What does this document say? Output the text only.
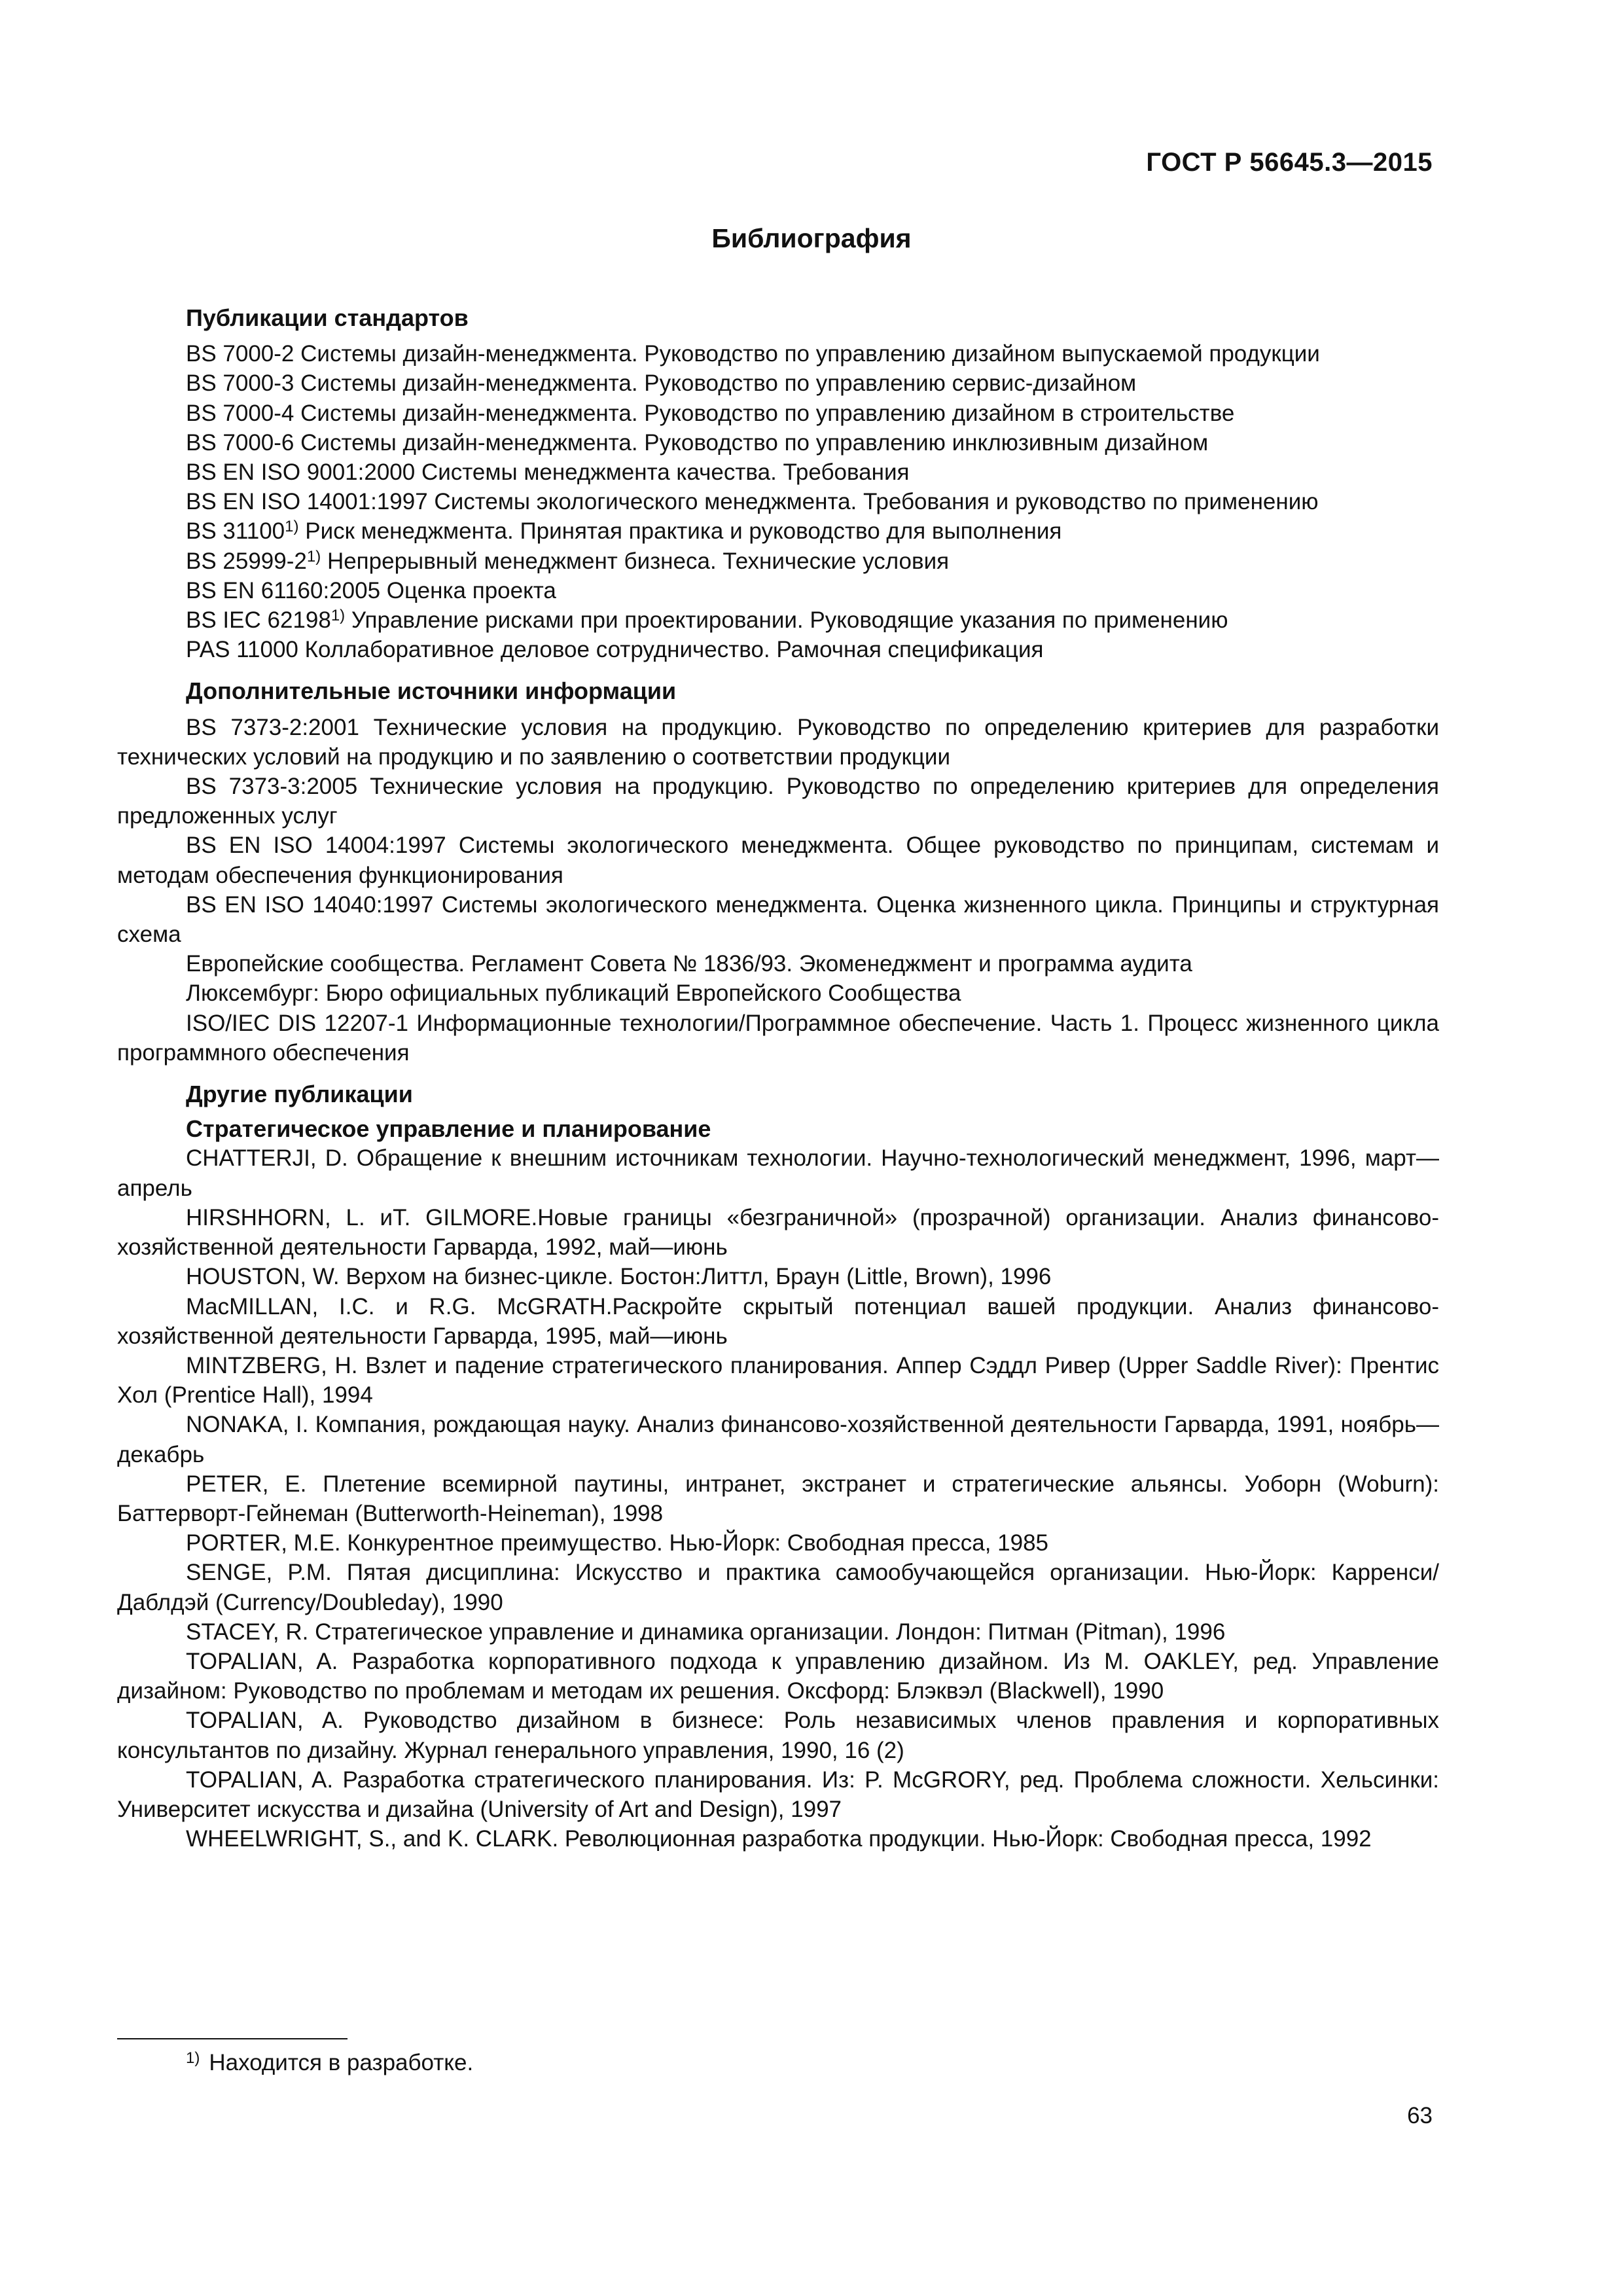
ГОСТ Р 56645.3—2015
Библиография
Публикации стандартов
BS 7000-2 Системы дизайн-менеджмента. Руководство по управлению дизайном выпускаемой продукции
BS 7000-3 Системы дизайн-менеджмента. Руководство по управлению сервис-дизайном
BS 7000-4 Системы дизайн-менеджмента. Руководство по управлению дизайном в строительстве
BS 7000-6 Системы дизайн-менеджмента. Руководство по управлению инклюзивным дизайном
BS EN ISO 9001:2000 Системы менеджмента качества. Требования
BS EN ISO 14001:1997 Системы экологического менеджмента. Требования и руководство по применению
BS 31100$^{1)}$ Риск менеджмента. Принятая практика и руководство для выполнения
BS 25999-2$^{1)}$ Непрерывный менеджмент бизнеса. Технические условия
BS EN 61160:2005 Оценка проекта
BS IEC 62198$^{1)}$ Управление рисками при проектировании. Руководящие указания по применению
PAS 11000 Коллаборативное деловое сотрудничество. Рамочная спецификация
Дополнительные источники информации

BS 7373-2:2001 Технические условия на продукцию. Руководство по определению критериев для разработки технических условий на продукцию и по заявлению о соответствии продукции

BS 7373-3:2005 Технические условия на продукцию. Руководство по определению критериев для определения предложенных услуг

BS EN ISO 14004:1997 Системы экологического менеджмента. Общее руководство по принципам, системам и методам обеспечения функционирования

BS EN ISO 14040:1997 Системы экологического менеджмента. Оценка жизненного цикла. Принципы и структурная схема

Европейские сообщества. Регламент Совета № 1836/93. Экоменеджмент и программа аудита

Люксембург: Бюро официальных публикаций Европейского Сообщества

ISO/IEC DIS 12207-1 Информационные технологии/Программное обеспечение. Часть 1. Процесс жизненного цикла программного обеспечения

Другие публикации
Стратегическое управление и планирование

CHATTERJI, D. Обращение к внешним источникам технологии. Научно-технологический менеджмент, 1996, март—апрель

HIRSHHORN, L. иT. GILMORE.Новые границы «безграничной» (прозрачной) организации. Анализ финансово-хозяйственной деятельности Гарварда, 1992, май—июнь

HOUSTON, W. Верхом на бизнес-цикле. Бостон:Литтл, Браун (Little, Brown), 1996

MacMILLAN, I.C. и R.G. McGRATH.Раскройте скрытый потенциал вашей продукции. Анализ финансово-хозяйственной деятельности Гарварда, 1995, май—июнь

MINTZBERG, H. Взлет и падение стратегического планирования. Аппер Сэддл Ривер (Upper Saddle River): Прентис Хол (Prentice Hall), 1994

NONAKA, I. Компания, рождающая науку. Анализ финансово-хозяйственной деятельности Гарварда, 1991, ноябрь—декабрь

PETER, E. Плетение всемирной паутины, интранет, экстранет и стратегические альянсы. Уоборн (Woburn): Баттерворт-Гейнеман (Butterworth-Heineman), 1998

PORTER, M.E. Конкурентное преимущество. Нью-Йорк: Свободная пресса, 1985

SENGE, P.M. Пятая дисциплина: Искусство и практика самообучающейся организации. Нью-Йорк: Карренси/Даблдэй (Currency/Doubleday), 1990

STACEY, R. Стратегическое управление и динамика организации. Лондон: Питман (Pitman), 1996

TOPALIAN, A. Разработка корпоративного подхода к управлению дизайном. Из M. OAKLEY, ред. Управление дизайном: Руководство по проблемам и методам их решения. Оксфорд: Блэквэл (Blackwell), 1990

TOPALIAN, A. Руководство дизайном в бизнесе: Роль независимых членов правления и корпоративных консультантов по дизайну. Журнал генерального управления, 1990, 16 (2)

TOPALIAN, A. Разработка стратегического планирования. Из: P. McGRORY, ред. Проблема сложности. Хельсинки: Университет искусства и дизайна (University of Art and Design), 1997

WHEELWRIGHT, S., and K. CLARK. Революционная разработка продукции. Нью-Йорк: Свободная пресса, 1992

$^{1)}$ Находится в разработке.
63
